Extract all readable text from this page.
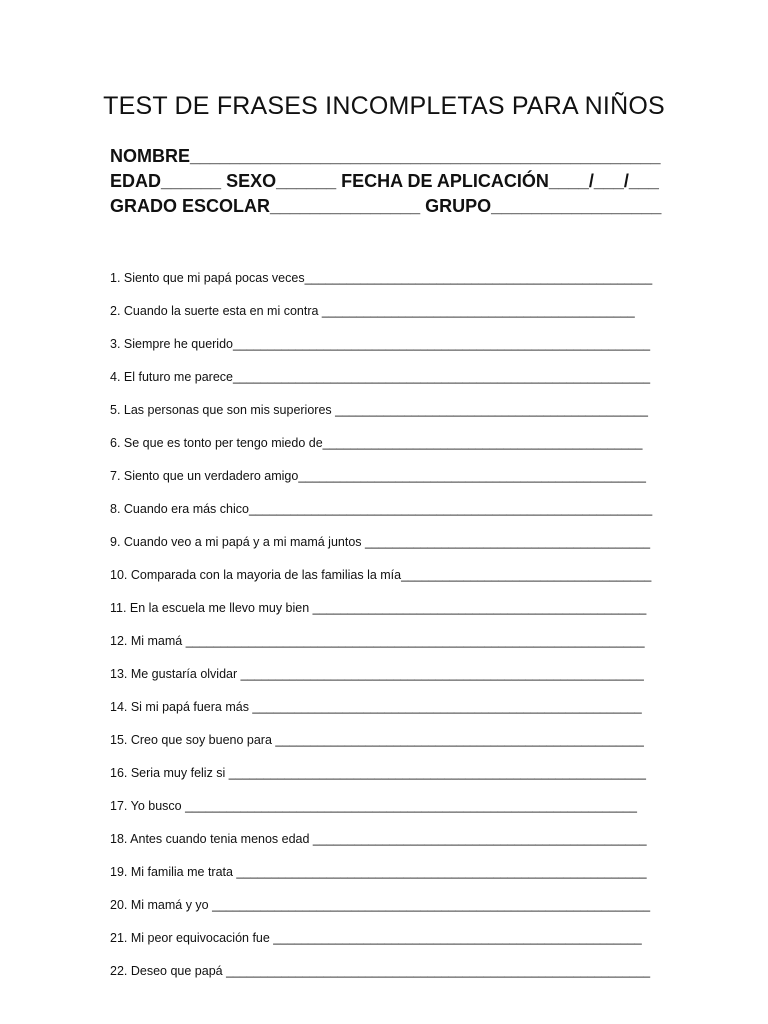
TEST DE FRASES INCOMPLETAS PARA NIÑOS
NOMBRE_______________________________________________
EDAD______ SEXO______ FECHA DE APLICACIÓN____/___/___
GRADO ESCOLAR_______________ GRUPO_________________
1. Siento que mi papá pocas veces__________________________________________________
2. Cuando la suerte esta en mi contra _____________________________________________
3. Siempre he querido____________________________________________________________
4. El futuro me parece____________________________________________________________
5. Las personas que son mis superiores _____________________________________________
6. Se que es tonto per tengo miedo de______________________________________________
7. Siento que un verdadero amigo__________________________________________________
8. Cuando era más chico__________________________________________________________
9. Cuando veo a mi papá y a mi mamá juntos _________________________________________
10. Comparada con la mayoria de las familias la mía____________________________________
11. En la escuela me llevo muy bien ________________________________________________
12. Mi mamá __________________________________________________________________
13. Me gustaría olvidar __________________________________________________________
14. Si mi papá fuera más ________________________________________________________
15. Creo que soy bueno para _____________________________________________________
16. Seria muy feliz si ____________________________________________________________
17. Yo busco _________________________________________________________________
18. Antes cuando tenia menos edad ________________________________________________
19. Mi familia me trata ___________________________________________________________
20. Mi mamá y yo _______________________________________________________________
21. Mi peor equivocación fue _____________________________________________________
22. Deseo que papá _____________________________________________________________
